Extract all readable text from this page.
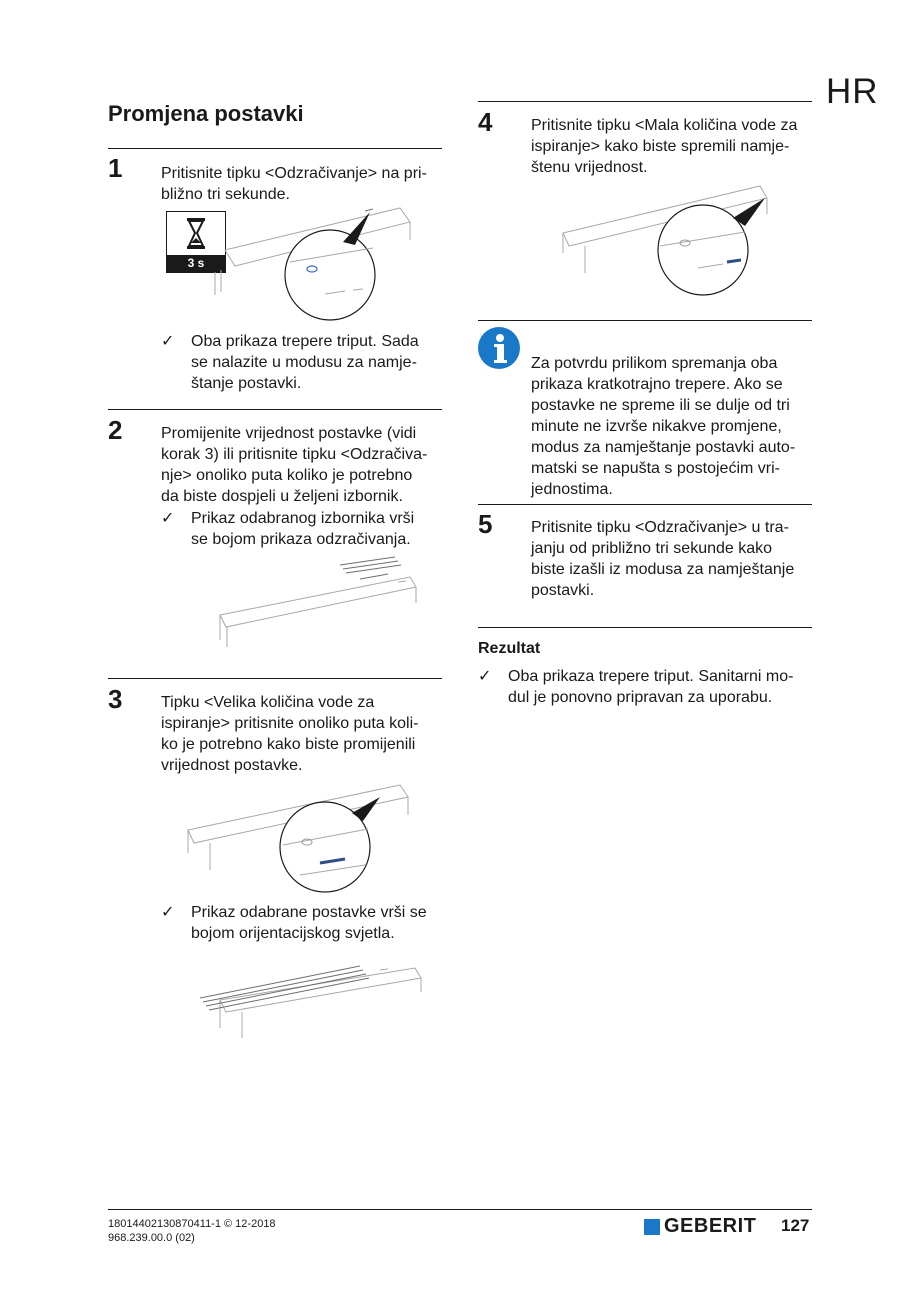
HR
Promjena postavki
1 Pritisnite tipku <Odzračivanje> na pri-
bližno tri sekunde.
3 s
✓ Oba prikaza trepere triput. Sada
se nalazite u modusu za namje-
štanje postavki.
2 Promijenite vrijednost postavke (vidi
korak 3) ili pritisnite tipku <Odzračiva-
nje> onoliko puta koliko je potrebno
da biste dospjeli u željeni izbornik.
✓ Prikaz odabranog izbornika vrši
se bojom prikaza odzračivanja.
3 Tipku <Velika količina vode za
ispiranje> pritisnite onoliko puta koli-
ko je potrebno kako biste promijenili
vrijednost postavke.
✓ Prikaz odabrane postavke vrši se
bojom orijentacijskog svjetla.
4 Pritisnite tipku <Mala količina vode za
ispiranje> kako biste spremili namje-
štenu vrijednost.
Za potvrdu prilikom spremanja oba
prikaza kratkotrajno trepere. Ako se
postavke ne spreme ili se dulje od tri
minute ne izvrše nikakve promjene,
modus za namještanje postavki auto-
matski se napušta s postojećim vri-
jednostima.
5 Pritisnite tipku <Odzračivanje> u tra-
janju od približno tri sekunde kako
biste izašli iz modusa za namještanje
postavki.
Rezultat
✓ Oba prikaza trepere triput. Sanitarni mo-
dul je ponovno pripravan za uporabu.
18014402130870411-1 © 12-2018
968.239.00.0 (02)
GEBERIT 127
